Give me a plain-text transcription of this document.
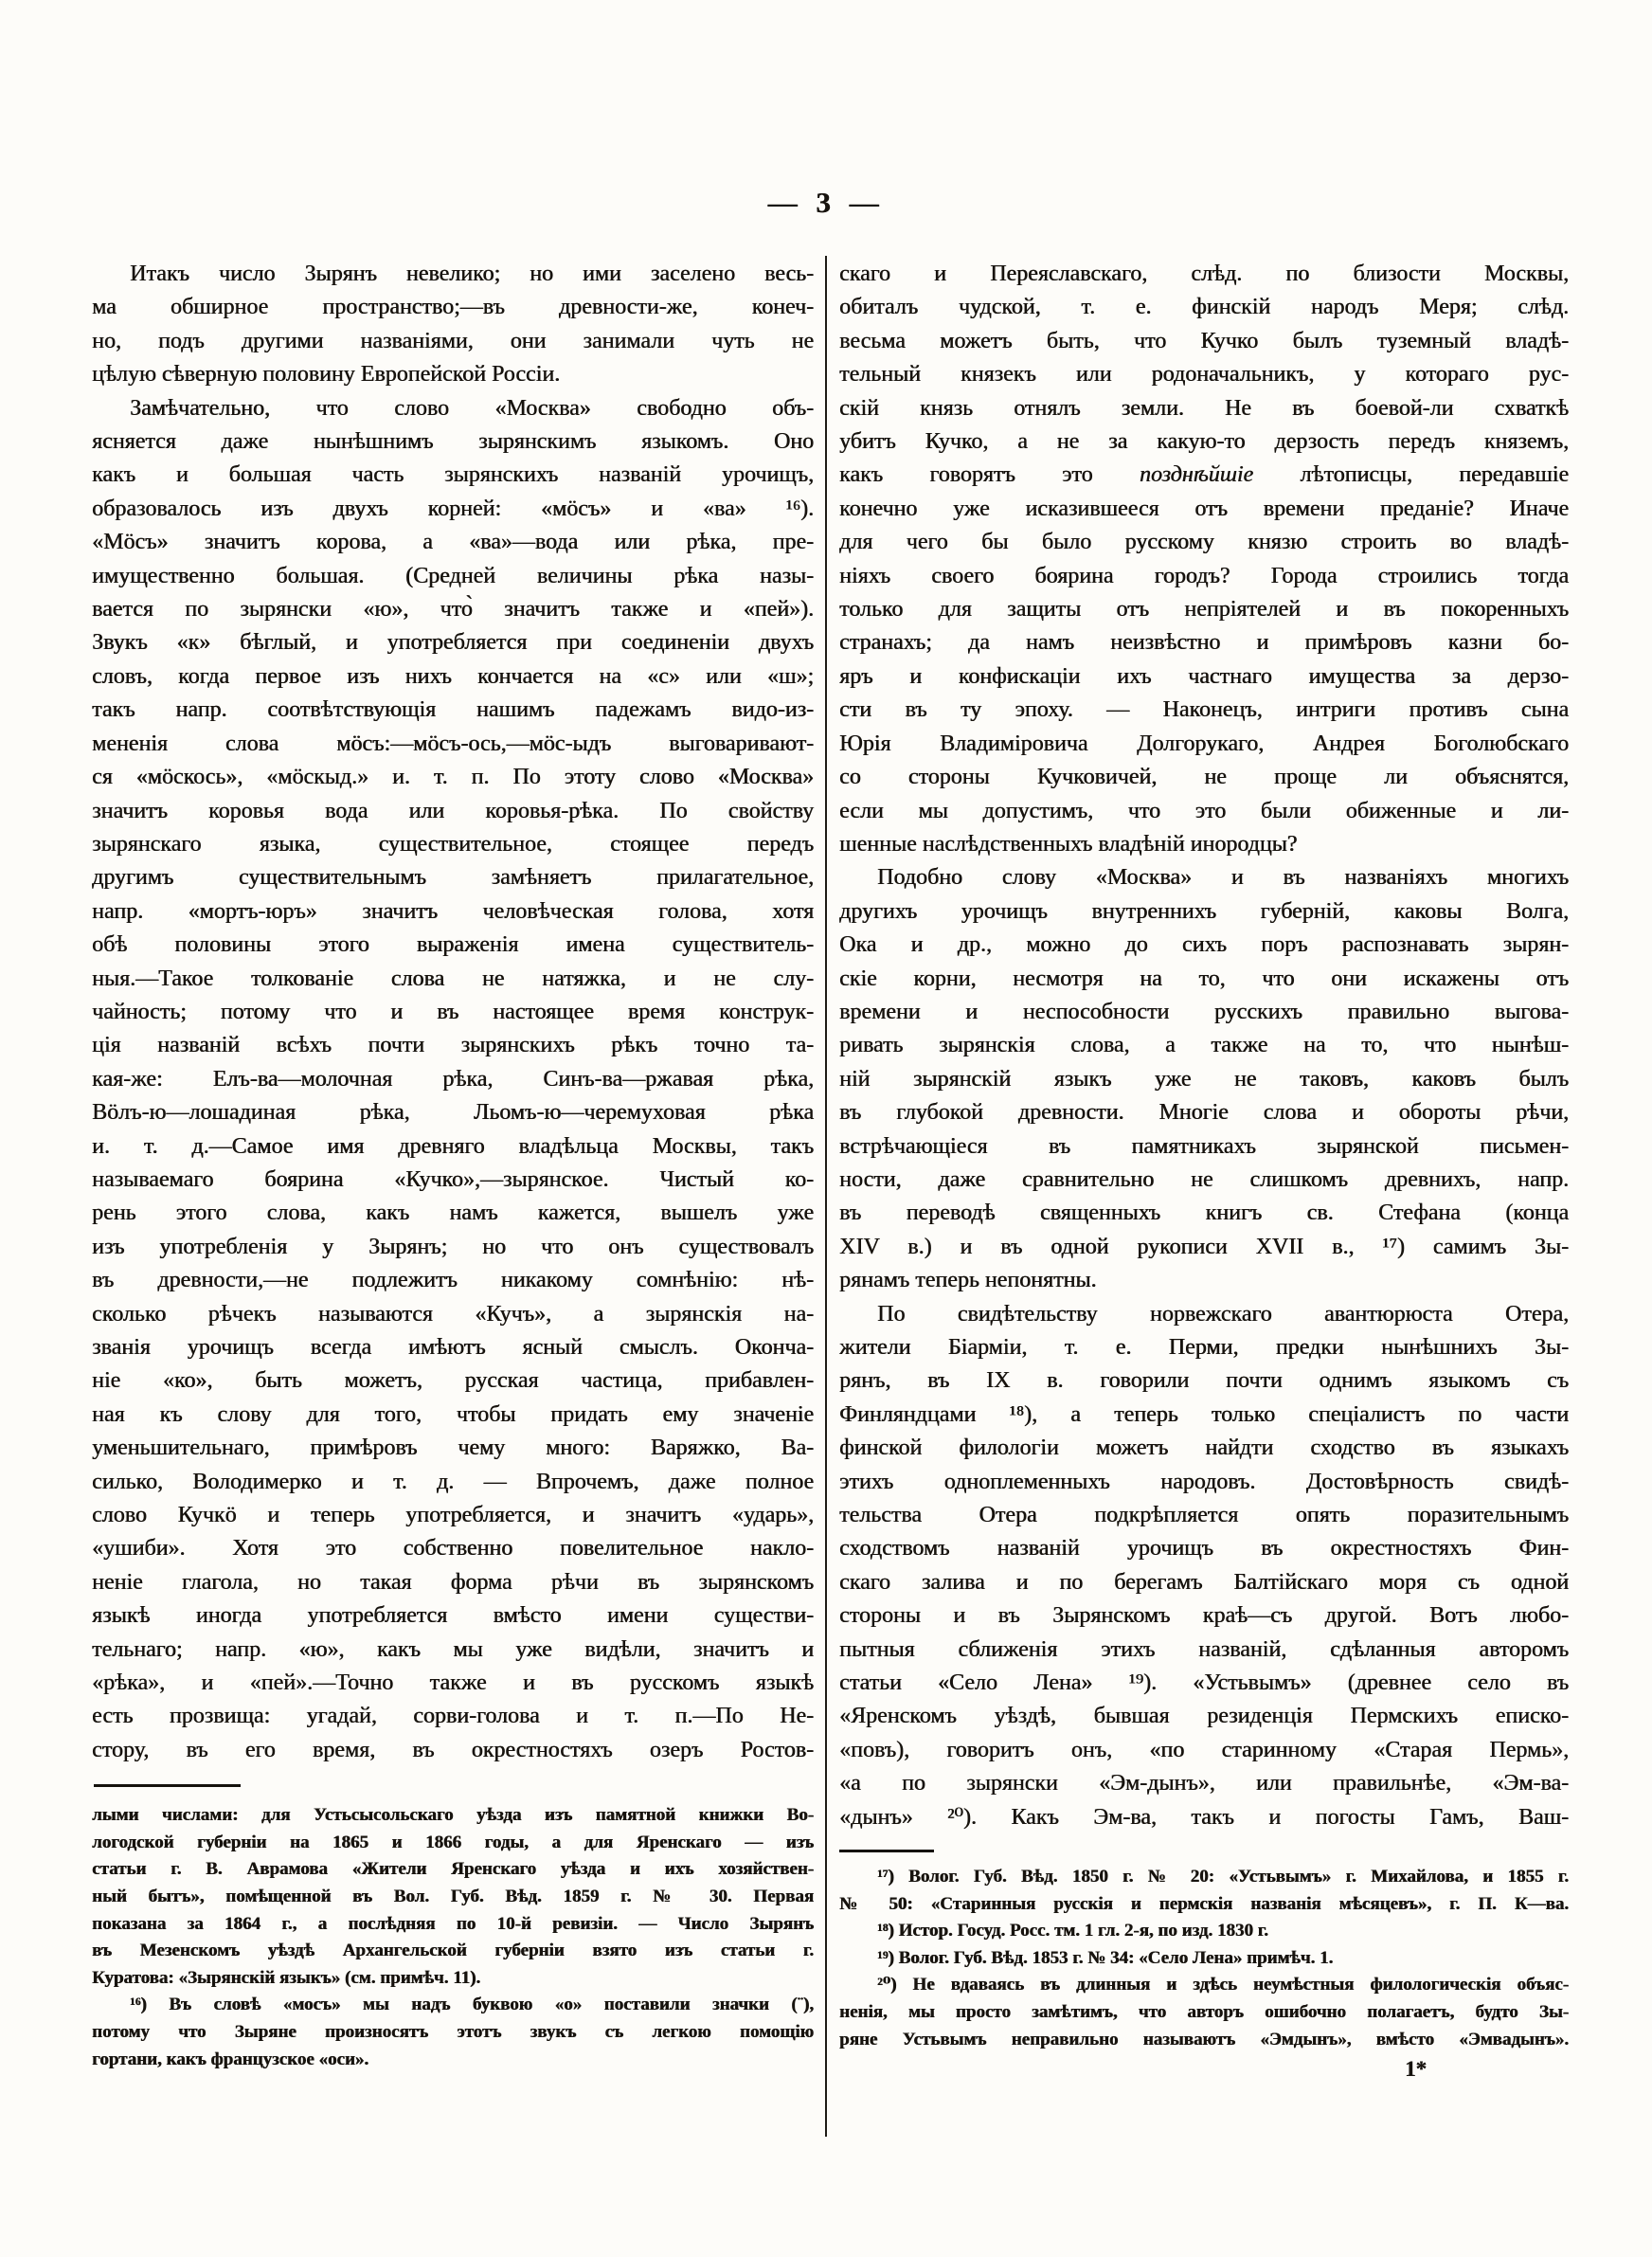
— 3 —
Итакъ число Зырянъ невелико; но ими заселено весь-
ма обширное пространство;—въ древности-же, конеч-
но, подъ другими названіями, они занимали чуть не
цѣлую сѣверную половину Европейской Россіи.
Замѣчательно, что слово «Москва» свободно объ-
ясняется даже нынѣшнимъ зырянскимъ языкомъ. Оно
какъ и большая часть зырянскихъ названій урочищъ,
образовалось изъ двухъ корней: «мӧсъ» и «ва» ¹⁶).
«Мӧсъ» значитъ корова, а «ва»—вода или рѣка, пре-
имущественно большая. (Средней величины рѣка назы-
вается по зырянски «ю», что̀ значитъ также и «пей»).
Звукъ «к» бѣглый, и употребляется при соединеніи двухъ
словъ, когда первое изъ нихъ кончается на «с» или «ш»;
такъ напр. соотвѣтствующія нашимъ падежамъ видо-из-
мененія слова мӧсъ:—мӧсъ-ось,—мӧс-ыдъ выговаривают-
ся «мӧскось», «мӧскыд.» и. т. п. По этоту слово «Москва»
значитъ коровья вода или коровья-рѣка. По свойству
зырянскаго языка, существительное, стоящее передъ
другимъ существительнымъ замѣняетъ прилагательное,
напр. «мортъ-юръ» значитъ человѣческая голова, хотя
обѣ половины этого выраженія имена существитель-
ныя.—Такое толкованіе слова не натяжка, и не слу-
чайность; потому что и въ настоящее время конструк-
ція названій всѣхъ почти зырянскихъ рѣкъ точно та-
кая-же: Елъ-ва—молочная рѣка, Синъ-ва—ржавая рѣка,
Вӧлъ-ю—лошадиная рѣка, Льомъ-ю—черемуховая рѣка
и. т. д.—Самое имя древняго владѣльца Москвы, такъ
называемаго боярина «Кучко»,—зырянское. Чистый ко-
рень этого слова, какъ намъ кажется, вышелъ уже
изъ употребленія у Зырянъ; но что онъ существовалъ
въ древности,—не подлежитъ никакому сомнѣнію: нѣ-
сколько рѣчекъ называются «Кучъ», а зырянскія на-
званія урочищъ всегда имѣютъ ясный смыслъ. Оконча-
ніе «ко», быть можетъ, русская частица, прибавлен-
ная къ слову для того, чтобы придать ему значеніе
уменьшительнаго, примѣровъ чему много: Варяжко, Ва-
силько, Володимерко и т. д. — Впрочемъ, даже полное
слово Кучкӧ и теперь употребляется, и значитъ «ударь»,
«ушиби». Хотя это собственно повелительное накло-
неніе глагола, но такая форма рѣчи въ зырянскомъ
языкѣ иногда употребляется вмѣсто имени существи-
тельнаго; напр. «ю», какъ мы уже видѣли, значитъ и
«рѣка», и «пей».—Точно также и въ русскомъ языкѣ
есть прозвища: угадай, сорви-голова и т. п.—По Не-
стору, въ его время, въ окрестностяхъ озеръ Ростов-
лыми числами: для Устьсысольскаго уѣзда изъ памятной книжки Во-
логодской губерніи на 1865 и 1866 годы, а для Яренскаго — изъ
статьи г. В. Аврамова «Жители Яренскаго уѣзда и ихъ хозяйствен-
ный бытъ», помѣщенной въ Вол. Губ. Вѣд. 1859 г. № 30. Первая
показана за 1864 г., а послѣдняя по 10-й ревизіи. — Число Зырянъ
въ Мезенскомъ уѣздѣ Архангельской губерніи взято изъ статьи г.
Куратова: «Зырянскій языкъ» (см. примѣч. 11).
¹⁶) Въ словѣ «мосъ» мы надъ буквою «о» поставили значки (¨),
потому что Зыряне произносятъ этотъ звукъ съ легкою помощію
гортани, какъ французское «оси».
скаго и Переяславскаго, слѣд. по близости Москвы,
обиталъ чудской, т. е. финскій народъ Меря; слѣд.
весьма можетъ быть, что Кучко былъ туземный владѣ-
тельный князекъ или родоначальникъ, у котораго рус-
скій князь отнялъ земли. Не въ боевой-ли схваткѣ
убитъ Кучко, а не за какую-то дерзость передъ княземъ,
какъ говорятъ это позднѣйшіе лѣтописцы, передавшіе
конечно уже исказившееся отъ времени преданіе? Иначе
для чего бы было русскому князю строить во владѣ-
ніяхъ своего боярина городъ? Города строились тогда
только для защиты отъ непріятелей и въ покоренныхъ
странахъ; да намъ неизвѣстно и примѣровъ казни бо-
яръ и конфискаціи ихъ частнаго имущества за дерзо-
сти въ ту эпоху. — Наконецъ, интриги противъ сына
Юрія Владиміровича Долгорукаго, Андрея Боголюбскаго
со стороны Кучковичей, не проще ли объяснятся,
если мы допустимъ, что это были обиженные и ли-
шенные наслѣдственныхъ владѣній инородцы?
Подобно слову «Москва» и въ названіяхъ многихъ
другихъ урочищъ внутреннихъ губерній, каковы Волга,
Ока и др., можно до сихъ поръ распознавать зырян-
скіе корни, несмотря на то, что они искажены отъ
времени и неспособности русскихъ правильно выгова-
ривать зырянскія слова, а также на то, что нынѣш-
ній зырянскій языкъ уже не таковъ, каковъ былъ
въ глубокой древности. Многіе слова и обороты рѣчи,
встрѣчающіеся въ памятникахъ зырянской письмен-
ности, даже сравнительно не слишкомъ древнихъ, напр.
въ переводѣ священныхъ книгъ св. Стефана (конца
XIV в.) и въ одной рукописи XVII в., ¹⁷) самимъ Зы-
рянамъ теперь непонятны.
По свидѣтельству норвежскаго авантюрюста Отера,
жители Біарміи, т. е. Перми, предки нынѣшнихъ Зы-
рянъ, въ IX в. говорили почти однимъ языкомъ съ
Финляндцами ¹⁸), а теперь только спеціалистъ по части
финской филологіи можетъ найдти сходство въ языкахъ
этихъ одноплеменныхъ народовъ. Достовѣрность свидѣ-
тельства Отера подкрѣпляется опять поразительнымъ
сходствомъ названій урочищъ въ окрестностяхъ Фин-
скаго залива и по берегамъ Балтійскаго моря съ одной
стороны и въ Зырянскомъ краѣ—съ другой. Вотъ любо-
пытныя сближенія этихъ названій, сдѣланныя авторомъ
статьи «Село Лена» ¹⁹). «Устьвымъ» (древнее село въ
«Яренскомъ уѣздѣ, бывшая резиденція Пермскихъ еписко-
«повъ), говоритъ онъ, «по старинному «Старая Пермь»,
«а по зырянски «Эм-дынъ», или правильнѣе, «Эм-ва-
«дынъ» ²⁰). Какъ Эм-ва, такъ и погосты Гамъ, Ваш-
¹⁷) Волог. Губ. Вѣд. 1850 г. № 20: «Устьвымъ» г. Михайлова, и 1855 г.
№ 50: «Старинныя русскія и пермскія названія мѣсяцевъ», г. П. К—ва.
¹⁸) Истор. Госуд. Росс. тм. 1 гл. 2-я, по изд. 1830 г.
¹⁹) Волог. Губ. Вѣд. 1853 г. № 34: «Село Лена» примѣч. 1.
²⁰) Не вдаваясь въ длинныя и здѣсь неумѣстныя филологическія объяс-
ненія, мы просто замѣтимъ, что авторъ ошибочно полагаетъ, будто Зы-
ряне Устьвымъ неправильно называютъ «Эмдынъ», вмѣсто «Эмвадынъ».
1*
